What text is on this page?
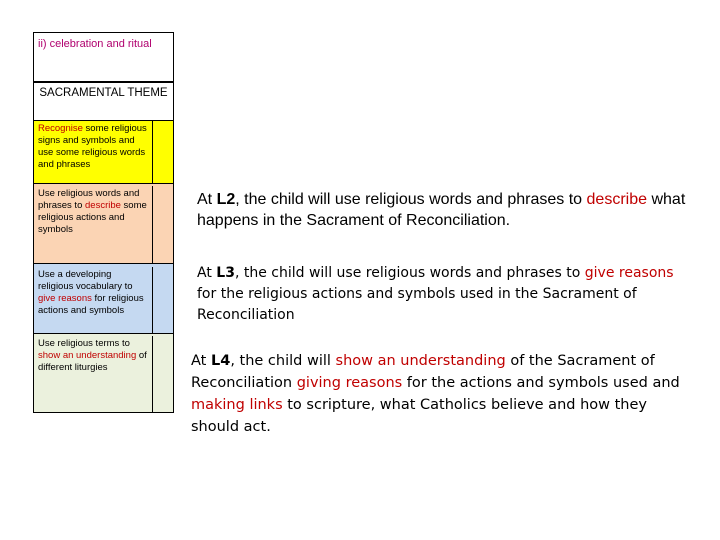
ii) celebration and ritual
SACRAMENTAL THEME
Recognise some religious signs and symbols and use some religious words and phrases
Use religious words and phrases to describe some religious actions and symbols
Use a developing religious vocabulary to give reasons for religious actions and symbols
Use religious terms to show an understanding of different liturgies
At L2, the child will use religious words and phrases to describe what happens in the Sacrament of Reconciliation.
At L3, the child will use religious words and phrases to give reasons for the religious actions and symbols used in the Sacrament of Reconciliation
At L4, the child will show an understanding of the Sacrament of Reconciliation giving reasons for the actions and symbols used and making links to scripture, what Catholics believe and how they should act.
